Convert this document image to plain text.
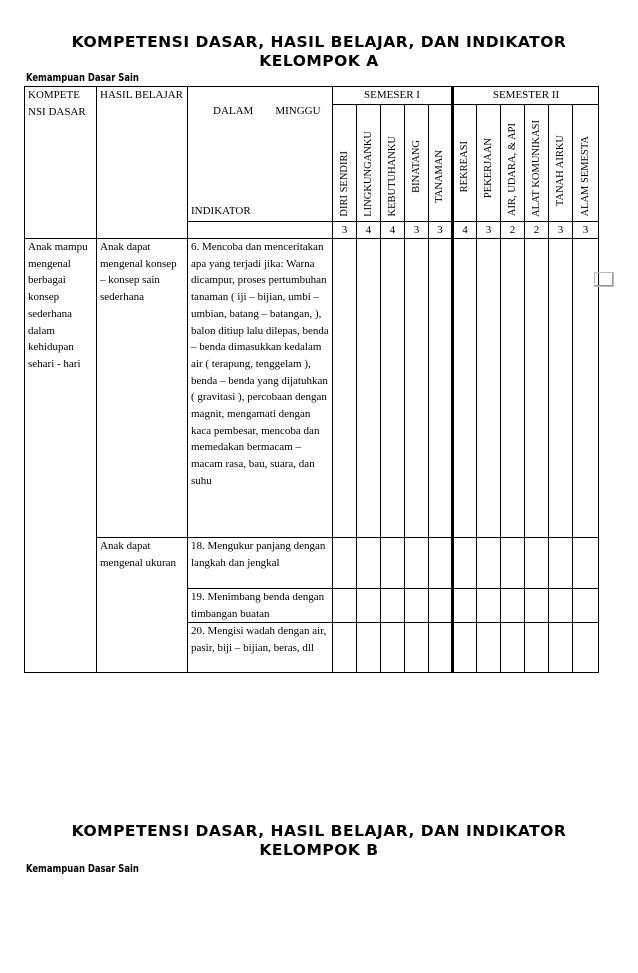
KOMPETENSI DASAR, HASIL BELAJAR, DAN INDIKATOR
KELOMPOK A
Kemampuan Dasar Sain
KOMPETE NSI DASAR	HASIL BELAJAR	DALAM        MINGGU
INDIKATOR	SEMESER I					SEMESTER II					

			DIRI SENDIRI	LINGKUNGANKU	KEBUTUHANKU	BINATANG	TANAMAN	REKREASI	PEKERJAAN	AIR, UDARA, & API	ALAT KOMUNIKASI	TANAH AIRKU	ALAM SEMESTA

			3	4	4	3	3	4	3	2	2	3	3
Anak mampu mengenal berbagai konsep sederhana dalam kehidupan sehari - hari	Anak dapat mengenal konsep – konsep sain sederhana	6. Mencoba dan menceritakan apa yang terjadi jika: Warna dicampur, proses pertumbuhan tanaman ( iji – bijian, umbi – umbian, batang – batangan, ), balon ditiup lalu dilepas, benda – benda dimasukkan kedalam air ( terapung, tenggelam ), benda – benda yang dijatuhkan ( gravitasi ), percobaan dengan magnit, mengamati dengan kaca pembesar, mencoba dan memedakan bermacam – macam rasa, bau, suara, dan suhu											
	Anak dapat mengenal ukuran	18. Mengukur panjang dengan langkah dan jengkal											
		19. Menimbang benda dengan timbangan buatan											
		20. Mengisi wadah dengan air, pasir, biji – bijian, beras, dll											
KOMPETENSI DASAR, HASIL BELAJAR, DAN INDIKATOR
KELOMPOK B
Kemampuan Dasar Sain
